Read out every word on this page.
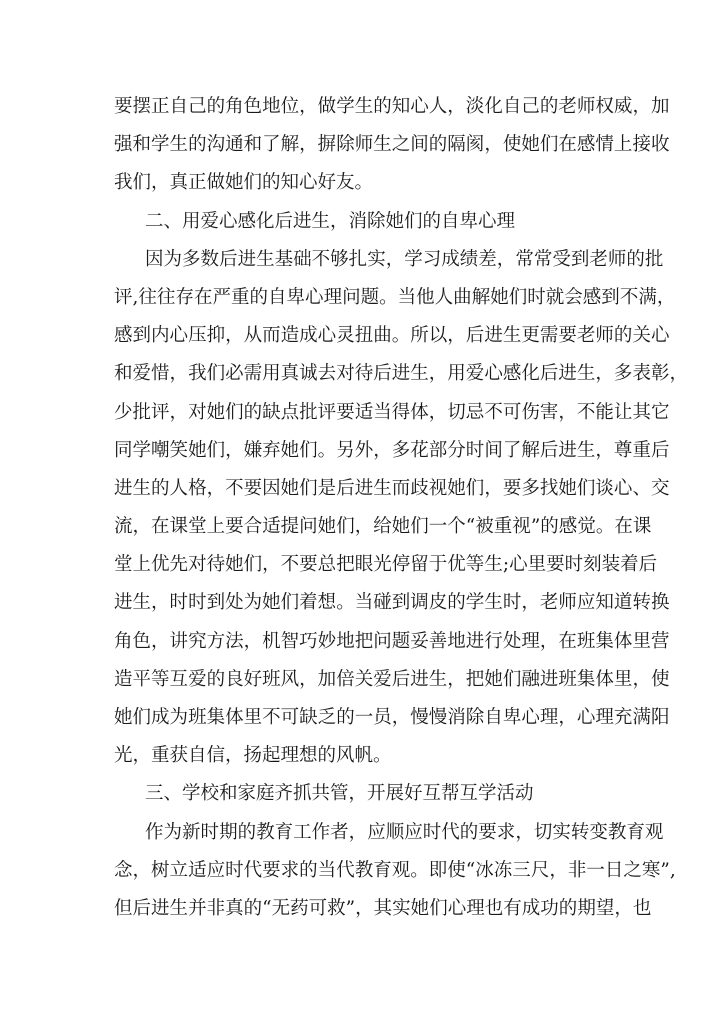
要 摆 正 自 己 的 角 色 地 位 ， 做 学 生 的 知 心 人 ， 淡 化 自 己 的 老 师 权 威 ， 加
强 和 学 生 的 沟 通 和 了 解 ， 摒 除 师 生 之 间 的 隔 阂 ， 使 她 们 在 感 情 上 接 收
我们，真正做她们的知心好友。
二、用爱心感化后进生，消除她们的自卑心理
因 为 多 数 后 进 生 基 础 不 够 扎 实 ， 学 习 成 绩 差 ， 常 常 受 到 老 师 的 批
评 , 往 往 存 在 严 重 的 自 卑 心 理 问 题 。 当 他 人 曲 解 她 们 时 就 会 感 到 不 满 ，
感 到 内 心 压 抑 ， 从 而 造 成 心 灵 扭 曲 。 所 以 ， 后 进 生 更 需 要 老 师 的 关 心
和 爱 惜 ， 我 们 必 需 用 真 诚 去 对 待 后 进 生 ， 用 爱 心 感 化 后 进 生 ， 多 表 彰 ，
少 批 评 ， 对 她 们 的 缺 点 批 评 要 适 当 得 体 ， 切 忌 不 可 伤 害 ， 不 能 让 其 它
同 学 嘲 笑 她 们 ， 嫌 弃 她 们 。 另 外 ， 多 花 部 分 时 间 了 解 后 进 生 ， 尊 重 后
进 生 的 人 格 ， 不 要 因 她 们 是 后 进 生 而 歧 视 她 们 ， 要 多 找 她 们 谈 心 、 交
流 ， 在 课 堂 上 要 合 适 提 问 她 们 ， 给 她 们 一 个 “ 被 重 视 ” 的 感 觉 。 在 课
堂 上 优 先 对 待 她 们 ， 不 要 总 把 眼 光 停 留 于 优 等 生 ; 心 里 要 时 刻 装 着 后
进 生 ， 时 时 到 处 为 她 们 着 想 。 当 碰 到 调 皮 的 学 生 时 ， 老 师 应 知 道 转 换
角 色 ， 讲 究 方 法 ， 机 智 巧 妙 地 把 问 题 妥 善 地 进 行 处 理 ， 在 班 集 体 里 营
造 平 等 互 爱 的 良 好 班 风 ， 加 倍 关 爱 后 进 生 ， 把 她 们 融 进 班 集 体 里 ， 使
她 们 成 为 班 集 体 里 不 可 缺 乏 的 一 员 ， 慢 慢 消 除 自 卑 心 理 ， 心 理 充 满 阳
光，重获自信，扬起理想的风帆。
三、学校和家庭齐抓共管，开展好互帮互学活动
作 为 新 时 期 的 教 育 工 作 者 ， 应 顺 应 时 代 的 要 求 ， 切 实 转 变 教 育 观
念 ， 树 立 适 应 时 代 要 求 的 当 代 教 育 观 。 即 使 “ 冰 冻 三 尺 ， 非 一 日 之 寒 ” ,
但 后 进 生 并 非 真 的 “ 无 药 可 救 ” ， 其 实 她 们 心 理 也 有 成 功 的 期 望 ， 也
